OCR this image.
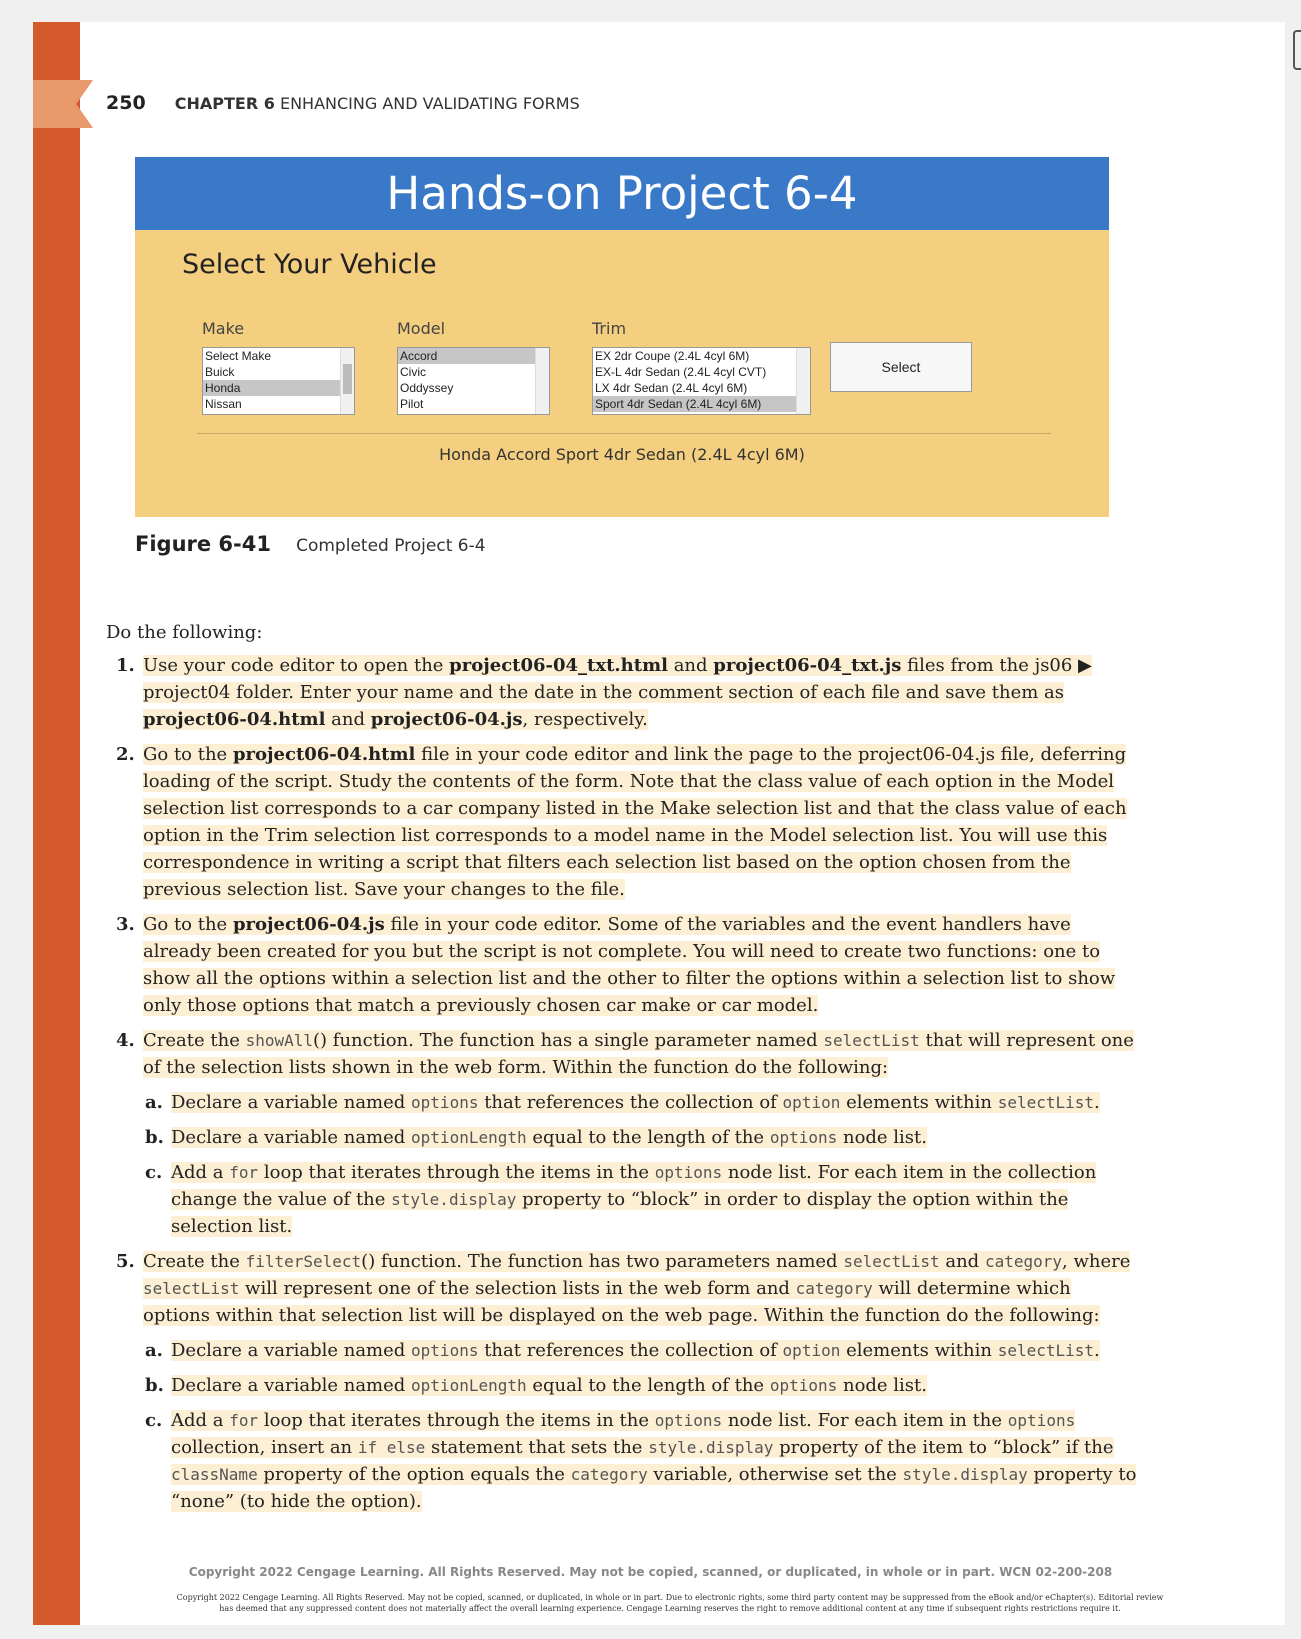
250 CHAPTER 6 ENHANCING AND VALIDATING FORMS
Hands-on Project 6-4
Select Your Vehicle
Make	Model	Trim
Select Make
Buick
Honda
Nissan
Accord
Civic
Oddyssey
Pilot
EX 2dr Coupe (2.4L 4cyl 6M)
EX-L 4dr Sedan (2.4L 4cyl CVT)
LX 4dr Sedan (2.4L 4cyl 6M)
Sport 4dr Sedan (2.4L 4cyl 6M)
Select
Honda Accord Sport 4dr Sedan (2.4L 4cyl 6M)
Figure 6-41 Completed Project 6-4
Do the following:
1. Use your code editor to open the project06-04_txt.html and project06-04_txt.js files from the js06 ▶ project04 folder. Enter your name and the date in the comment section of each file and save them as project06-04.html and project06-04.js, respectively.
2. Go to the project06-04.html file in your code editor and link the page to the project06-04.js file, deferring loading of the script. Study the contents of the form. Note that the class value of each option in the Model selection list corresponds to a car company listed in the Make selection list and that the class value of each option in the Trim selection list corresponds to a model name in the Model selection list. You will use this correspondence in writing a script that filters each selection list based on the option chosen from the previous selection list. Save your changes to the file.
3. Go to the project06-04.js file in your code editor. Some of the variables and the event handlers have already been created for you but the script is not complete. You will need to create two functions: one to show all the options within a selection list and the other to filter the options within a selection list to show only those options that match a previously chosen car make or car model.
4. Create the showAll() function. The function has a single parameter named selectList that will represent one of the selection lists shown in the web form. Within the function do the following:
a. Declare a variable named options that references the collection of option elements within selectList.
b. Declare a variable named optionLength equal to the length of the options node list.
c. Add a for loop that iterates through the items in the options node list. For each item in the collection change the value of the style.display property to “block” in order to display the option within the selection list.
5. Create the filterSelect() function. The function has two parameters named selectList and category, where selectList will represent one of the selection lists in the web form and category will determine which options within that selection list will be displayed on the web page. Within the function do the following:
a. Declare a variable named options that references the collection of option elements within selectList.
b. Declare a variable named optionLength equal to the length of the options node list.
c. Add a for loop that iterates through the items in the options node list. For each item in the options collection, insert an if else statement that sets the style.display property of the item to “block” if the className property of the option equals the category variable, otherwise set the style.display property to “none” (to hide the option).
Copyright 2022 Cengage Learning. All Rights Reserved. May not be copied, scanned, or duplicated, in whole or in part. WCN 02-200-208
Copyright 2022 Cengage Learning. All Rights Reserved. May not be copied, scanned, or duplicated, in whole or in part. Due to electronic rights, some third party content may be suppressed from the eBook and/or eChapter(s). Editorial review has deemed that any suppressed content does not materially affect the overall learning experience. Cengage Learning reserves the right to remove additional content at any time if subsequent rights restrictions require it.
